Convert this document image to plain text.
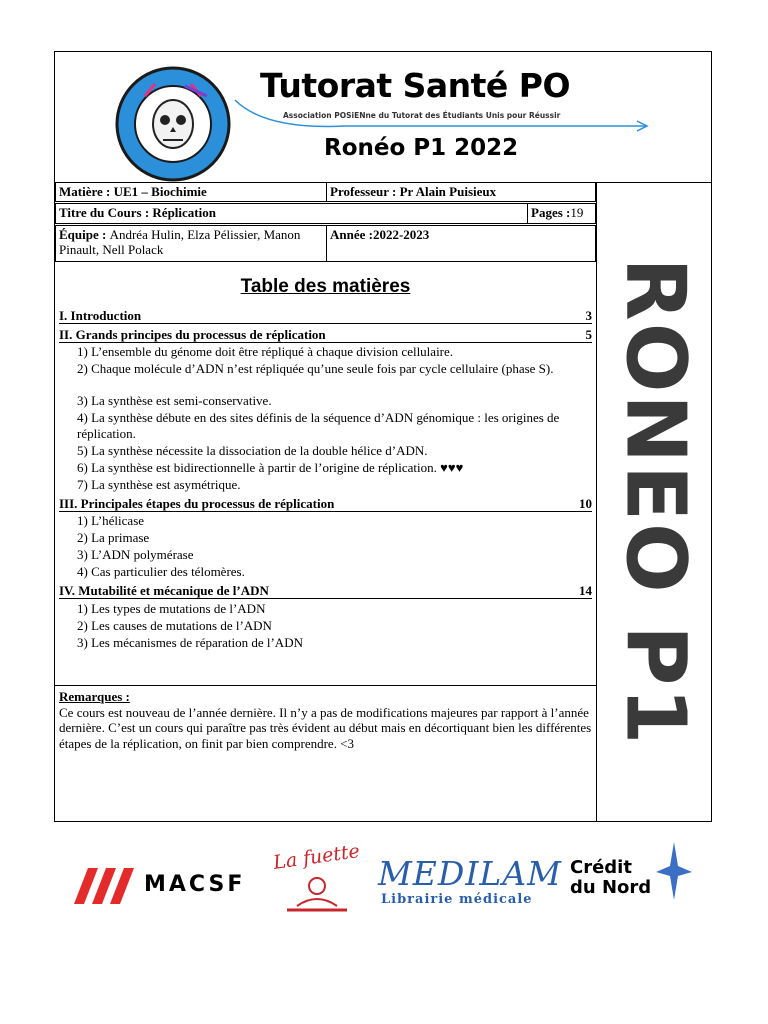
Tutorat Santé PO
Association POSiENne du Tutorat des Étudiants Unis pour Réussir
Ronéo P1 2022
Matière : UE1 – Biochimie	Professeur : Pr Alain Puisieux
Titre du Cours : Réplication	Pages :19
Équipe : Andréa Hulin, Elza Pélissier, Manon Pinault, Nell Polack
Année :2022-2023
RONEO P1
Table des matières
I. Introduction	3
II. Grands principes du processus de réplication	5
1) L’ensemble du génome doit être répliqué à chaque division cellulaire.
2) Chaque molécule d’ADN n’est répliquée qu’une seule fois par cycle cellulaire (phase S).
3) La synthèse est semi-conservative.
4) La synthèse débute en des sites définis de la séquence d’ADN génomique : les origines de réplication.
5) La synthèse nécessite la dissociation de la double hélice d’ADN.
6) La synthèse est bidirectionnelle à partir de l’origine de réplication. ♥♥♥
7) La synthèse est asymétrique.
III. Principales étapes du processus de réplication	10
1) L’hélicase
2) La primase
3) L’ADN polymérase
4) Cas particulier des télomères.
IV. Mutabilité et mécanique de l’ADN	14
1) Les types de mutations de l’ADN
2) Les causes de mutations de l’ADN
3) Les mécanismes de réparation de l’ADN
Remarques :
Ce cours est nouveau de l’année dernière. Il n’y a pas de modifications majeures par rapport à l’année dernière. C’est un cours qui paraître pas très évident au début mais en décortiquant bien les différentes étapes de la réplication, on finit par bien comprendre. <3
MACSF
La fuette MEDILAM
Librairie médicale
Crédit
du Nord
